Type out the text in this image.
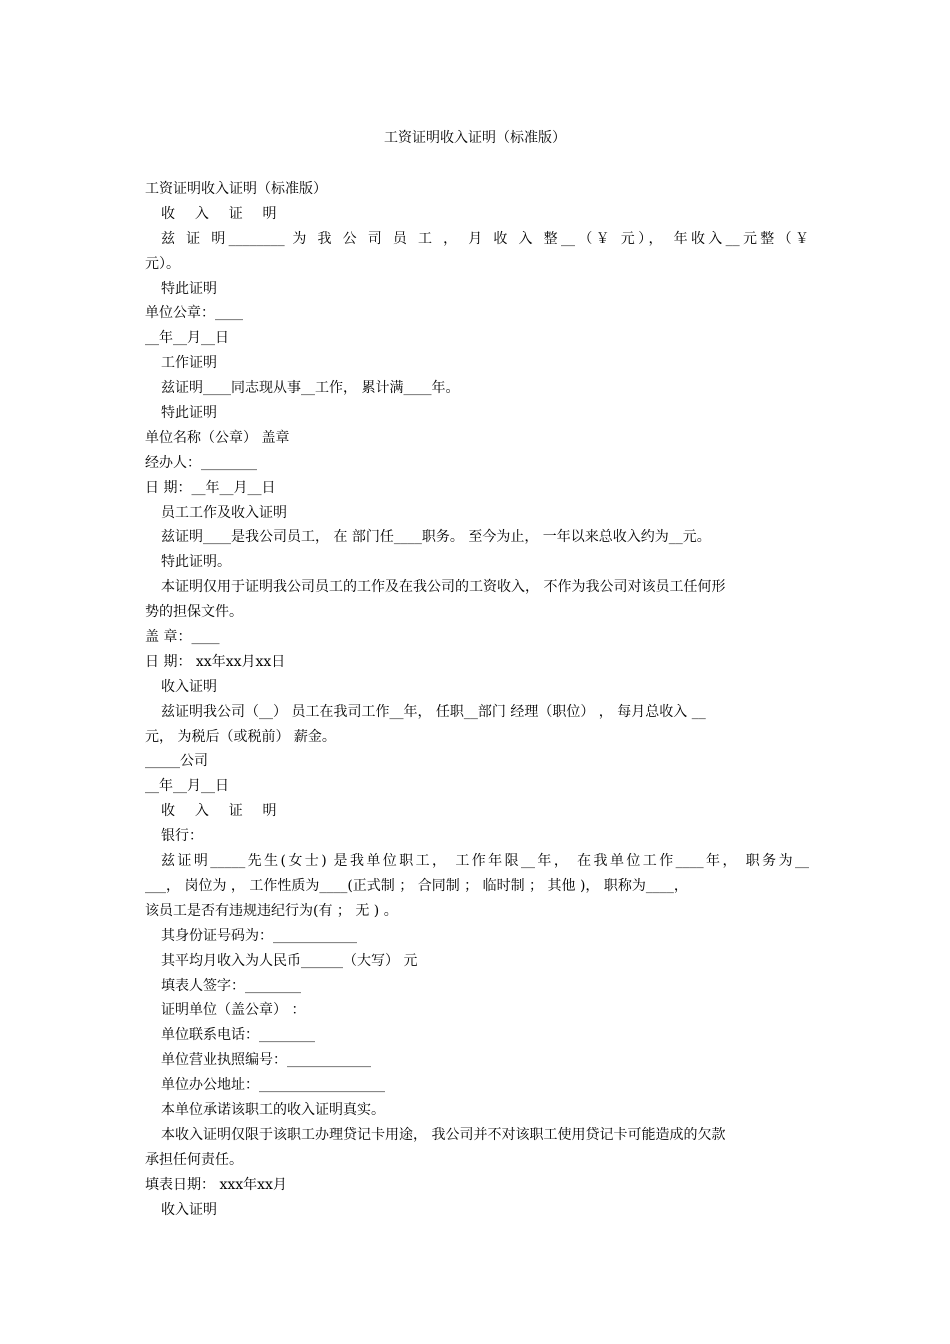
工资证明收入证明（标准版）
工资证明收入证明（标准版）
收 入 证 明
兹 证 明________ 为 我 公 司 员 工 ， 月 收 入 整__（￥ 元）， 年收入__元整（￥
元）。
特此证明
单位公章：____
__年__月__日
工作证明
兹证明____同志现从事__工作， 累计满____年。
特此证明
单位名称（公章） 盖章
经办人：________
日 期：__年__月__日
员工工作及收入证明
兹证明____是我公司员工， 在 部门任____职务。 至今为止， 一年以来总收入约为__元。
特此证明。
本证明仅用于证明我公司员工的工作及在我公司的工资收入， 不作为我公司对该员工任何形
势的担保文件。
盖 章：____
日 期： xx年xx月xx日
收入证明
兹证明我公司（__） 员工在我司工作__年， 任职__部门 经理（职位） ， 每月总收入 __
元， 为税后（或税前） 薪金。
_____公司
__年__月__日
收 入 证 明
银行：
兹证明_____先生(女士) 是我单位职工， 工作年限__年， 在我单位工作____年， 职务为__
___， 岗位为 ， 工作性质为____(正式制 ； 合同制 ； 临时制 ； 其他 )， 职称为____，
该员工是否有违规违纪行为(有 ； 无 ) 。
其身份证号码为：____________
其平均月收入为人民币______（大写） 元
填表人签字：________
证明单位（盖公章） ：
单位联系电话：________
单位营业执照编号：____________
单位办公地址：__________________
本单位承诺该职工的收入证明真实。
本收入证明仅限于该职工办理贷记卡用途， 我公司并不对该职工使用贷记卡可能造成的欠款
承担任何责任。
填表日期： xxx年xx月
收入证明
